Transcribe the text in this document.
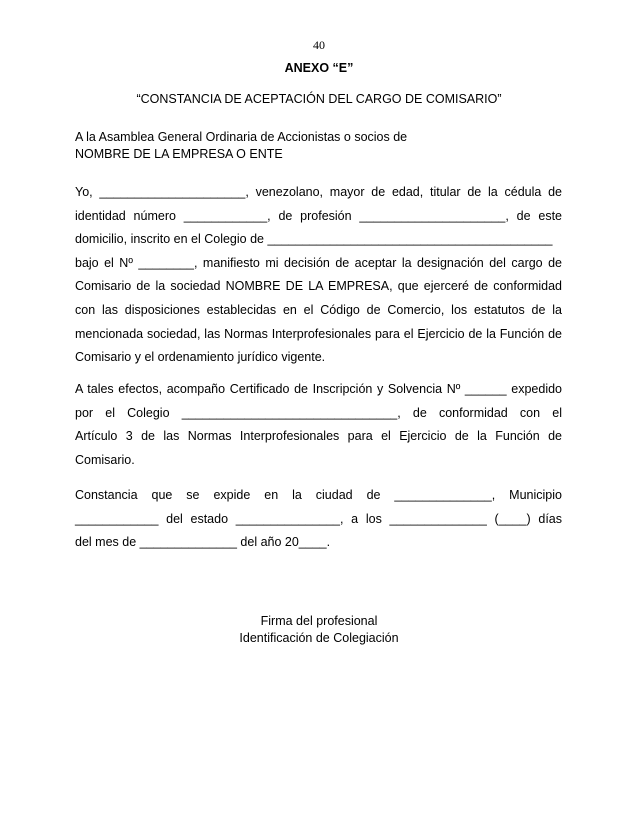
40
ANEXO “E”
“CONSTANCIA DE ACEPTACIÓN DEL CARGO DE COMISARIO”
A la Asamblea General Ordinaria de Accionistas o socios de
NOMBRE DE LA EMPRESA O ENTE
Yo, _____________________, venezolano, mayor de edad, titular de la cédula de
identidad número ____________, de profesión _____________________, de este
domicilio, inscrito en el Colegio de _________________________________________
bajo el Nº ________, manifiesto mi decisión de aceptar la designación del cargo de
Comisario de la sociedad NOMBRE DE LA EMPRESA, que ejerceré de conformidad
con las disposiciones establecidas en el Código de Comercio, los estatutos de la
mencionada sociedad, las Normas Interprofesionales para el Ejercicio de la Función de
Comisario y el ordenamiento jurídico vigente.
A tales efectos, acompaño Certificado de Inscripción y Solvencia Nº ______ expedido
por el Colegio _______________________________, de conformidad con el
Artículo 3 de las Normas Interprofesionales para el Ejercicio de la Función de
Comisario.
Constancia que se expide en la ciudad de ______________, Municipio
____________ del estado _______________, a los ______________ (____) días
del mes de ______________ del año 20____.
Firma del profesional
Identificación de Colegiación
